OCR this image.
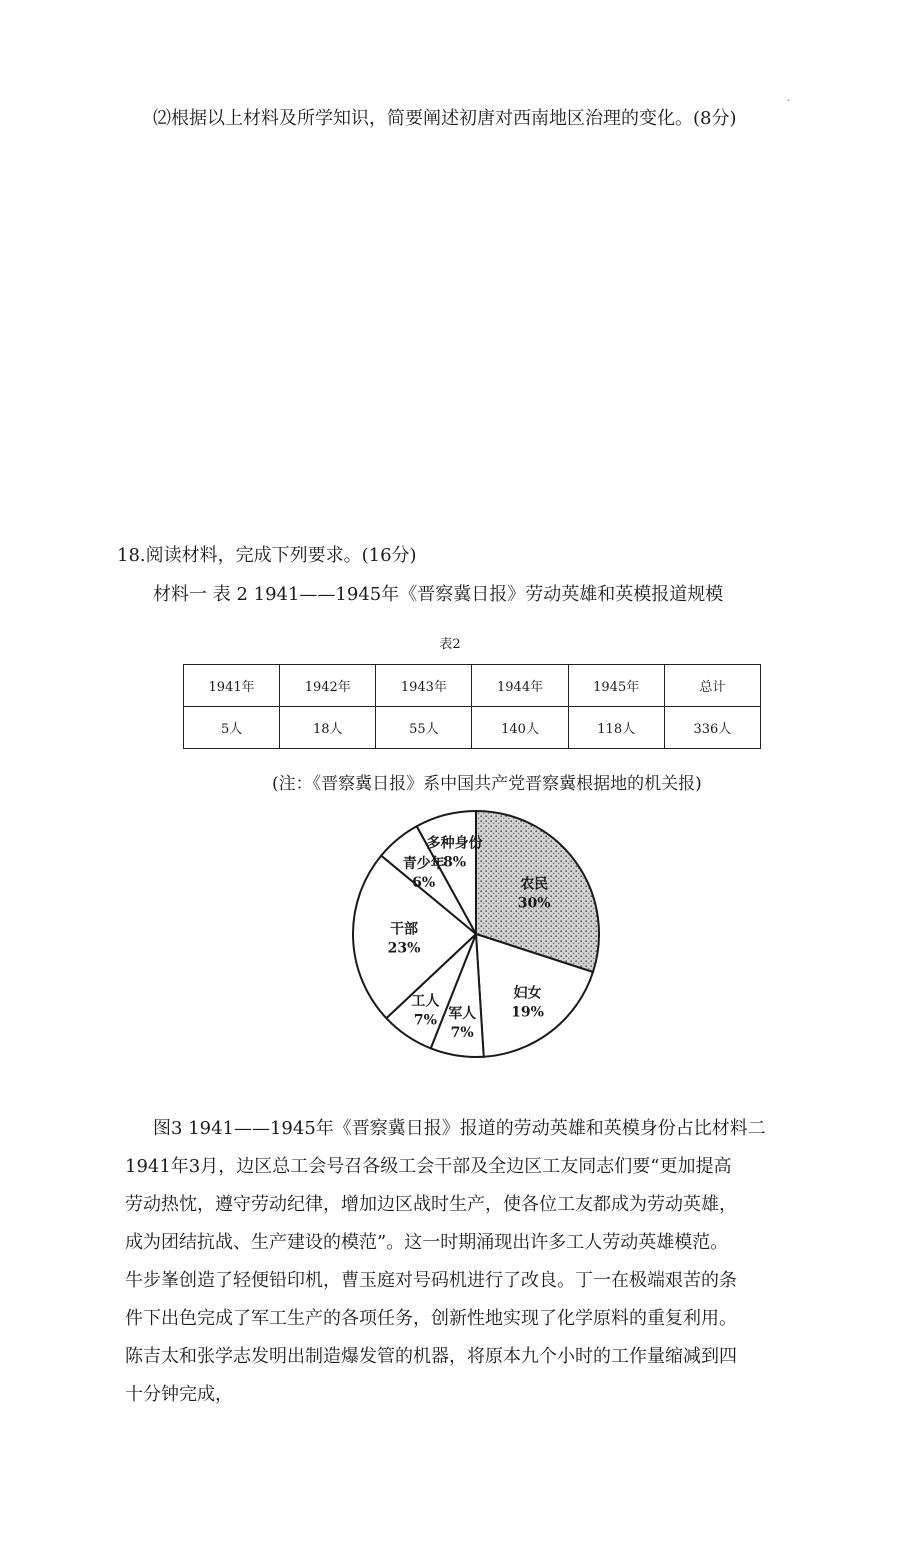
⑵根据以上材料及所学知识，简要阐述初唐对西南地区治理的变化。(8分)

·

18.阅读材料，完成下列要求。(16分)

材料一 表 2 1941——1945年《晋察冀日报》劳动英雄和英模报道规模

表2

1941年	1942年	1943年	1944年	1945年	总计
5人	18人	55人	140人	118人	336人

(注：《晋察冀日报》系中国共产党晋察冀根据地的机关报)

农民
30%
妇女
19%
军人
7%
工人
7%
干部
23%
青少年
6%
多种身份
8%
图3 1941——1945年《晋察冀日报》报道的劳动英雄和英模身份占比材料二
1941年3月，边区总工会号召各级工会干部及全边区工友同志们要“更加提高
劳动热忱，遵守劳动纪律，增加边区战时生产，使各位工友都成为劳动英雄，
成为团结抗战、生产建设的模范”。这一时期涌现出许多工人劳动英雄模范。
牛步峯创造了轻便铅印机，曹玉庭对号码机进行了改良。丁一在极端艰苦的条
件下出色完成了军工生产的各项任务，创新性地实现了化学原料的重复利用。
陈吉太和张学志发明出制造爆发管的机器，将原本九个小时的工作量缩减到四
十分钟完成，
